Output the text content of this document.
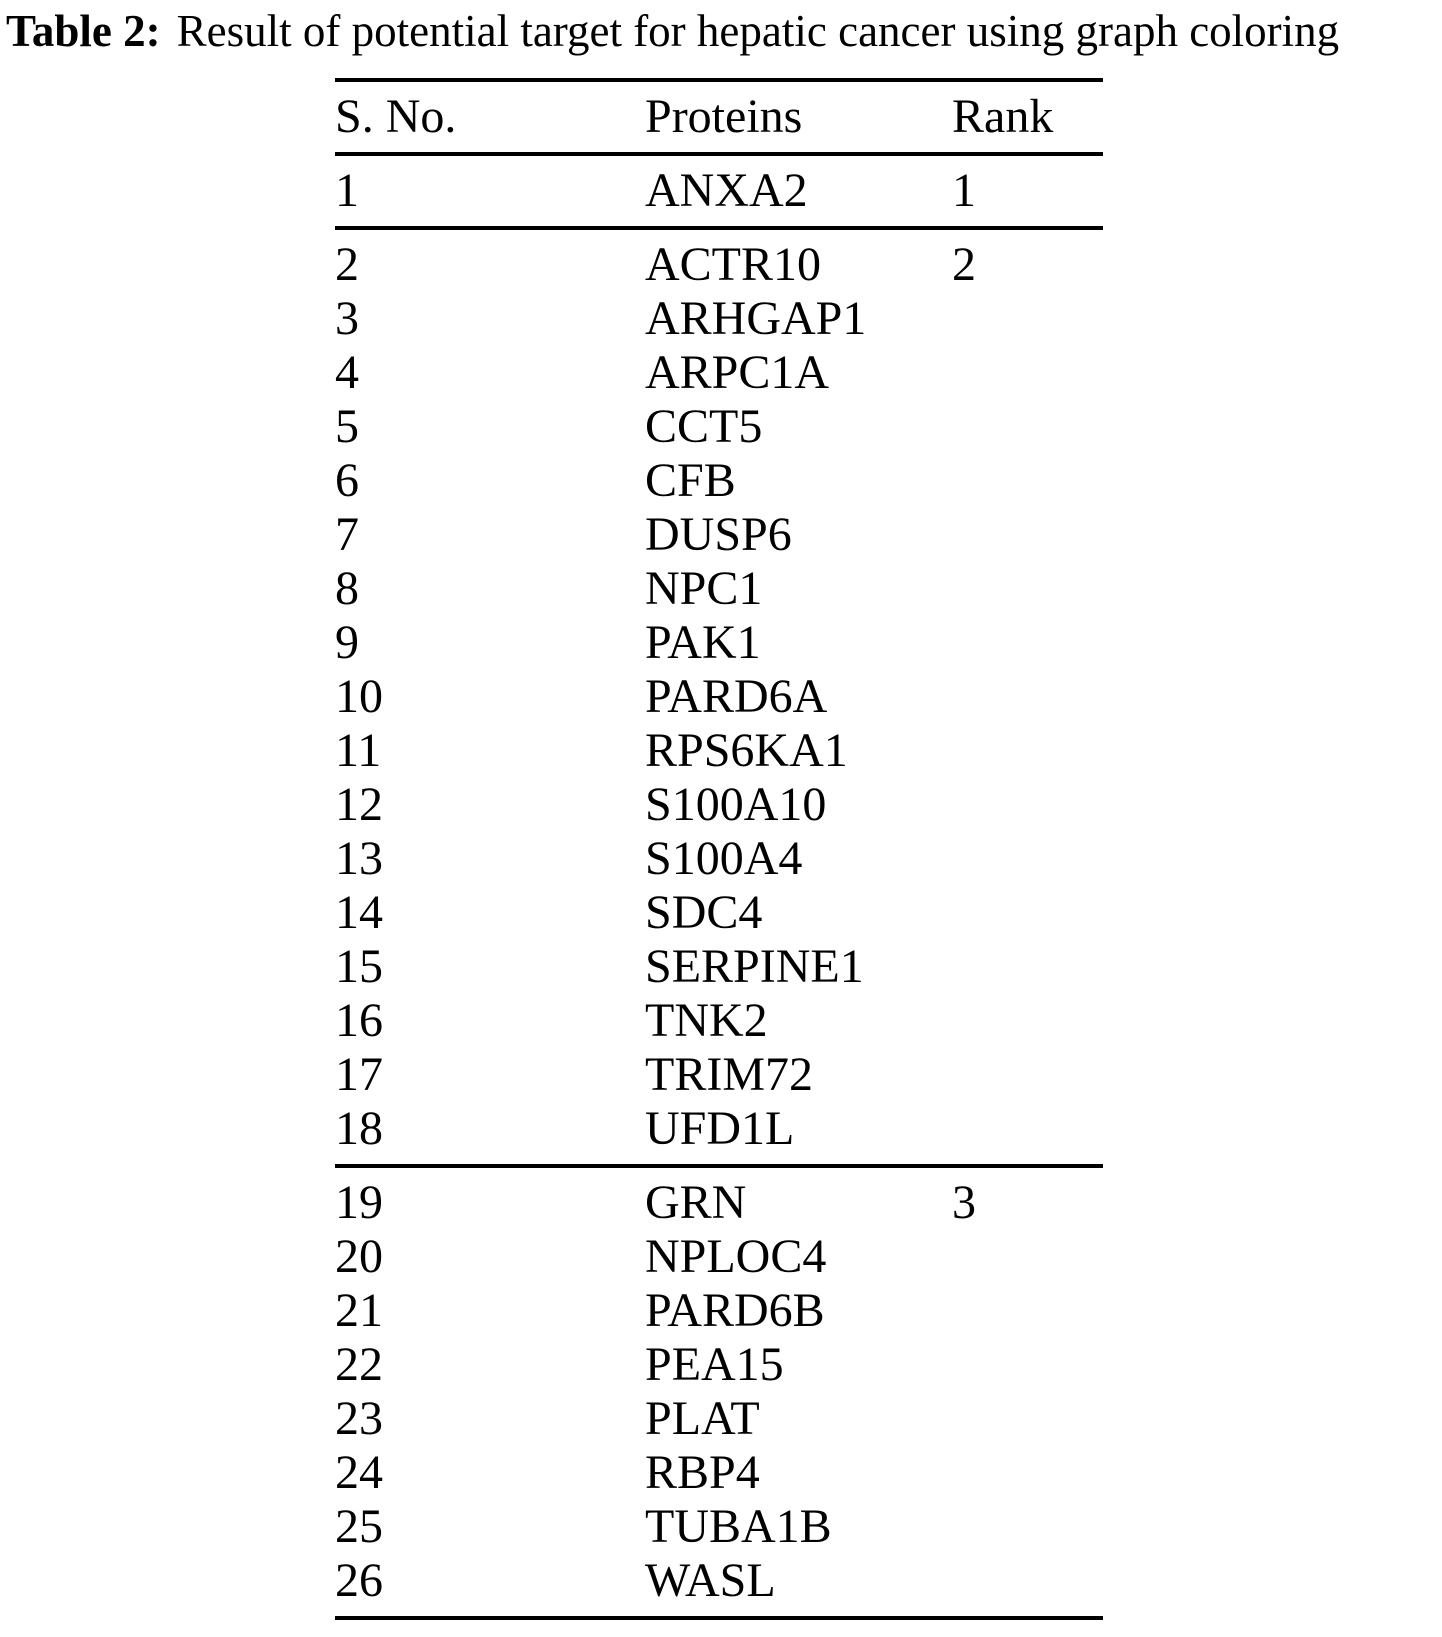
Table 2: Result of potential target for hepatic cancer using graph coloring
S. No.	Proteins	Rank
1	ANXA2	1
2	ACTR10	2
3	ARHGAP1
4	ARPC1A
5	CCT5
6	CFB
7	DUSP6
8	NPC1
9	PAK1
10	PARD6A
11	RPS6KA1
12	S100A10
13	S100A4
14	SDC4
15	SERPINE1
16	TNK2
17	TRIM72
18	UFD1L
19	GRN	3
20	NPLOC4
21	PARD6B
22	PEA15
23	PLAT
24	RBP4
25	TUBA1B
26	WASL
